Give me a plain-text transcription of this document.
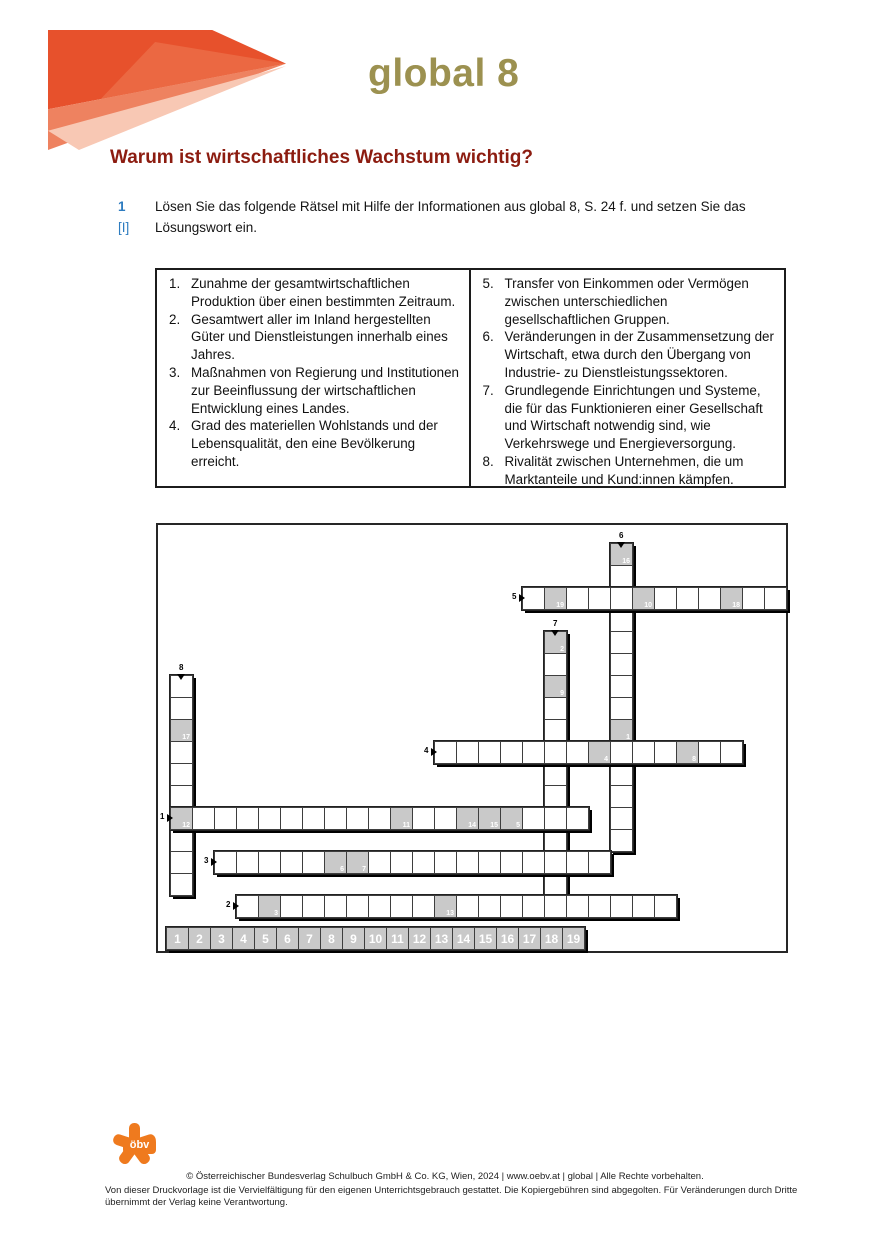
global 8
Warum ist wirtschaftliches Wachstum wichtig?
1
[I]
Lösen Sie das folgende Rätsel mit Hilfe der Informationen aus global 8, S. 24 f. und setzen Sie das Lösungswort ein.
1. Zunahme der gesamtwirtschaftlichen Produktion über einen bestimmten Zeitraum.
2. Gesamtwert aller im Inland hergestellten Güter und Dienstleistungen innerhalb eines Jahres.
3. Maßnahmen von Regierung und Institutionen zur Beeinflussung der wirtschaftlichen Entwicklung eines Landes.
4. Grad des materiellen Wohlstands und der Lebensqualität, den eine Bevölkerung erreicht.
5. Transfer von Einkommen oder Vermögen zwischen unterschiedlichen gesellschaftlichen Gruppen.
6. Veränderungen in der Zusammensetzung der Wirtschaft, etwa durch den Übergang von Industrie- zu Dienstleistungssektoren.
7. Grundlegende Einrichtungen und Systeme, die für das Funktionieren einer Gesellschaft und Wirtschaft notwendig sind, wie Verkehrswege und Energieversorgung.
8. Rivalität zwischen Unternehmen, die um Marktanteile und Kund:innen kämpfen.
16
1
6
2
9
7
17
8
19	10	18
5
4	8
4
12	11	14 15	5
1
6	7
3
3	13
2
1	2	3	4	5	6	7	8	9 10 11 12 13 14 15 16 17 18 19
öbv
© Österreichischer Bundesverlag Schulbuch GmbH & Co. KG, Wien, 2024 | www.oebv.at | global | Alle Rechte vorbehalten.
Von dieser Druckvorlage ist die Vervielfältigung für den eigenen Unterrichtsgebrauch gestattet. Die Kopiergebühren sind abgegolten. Für Veränderungen durch Dritte übernimmt der Verlag keine Verantwortung.
